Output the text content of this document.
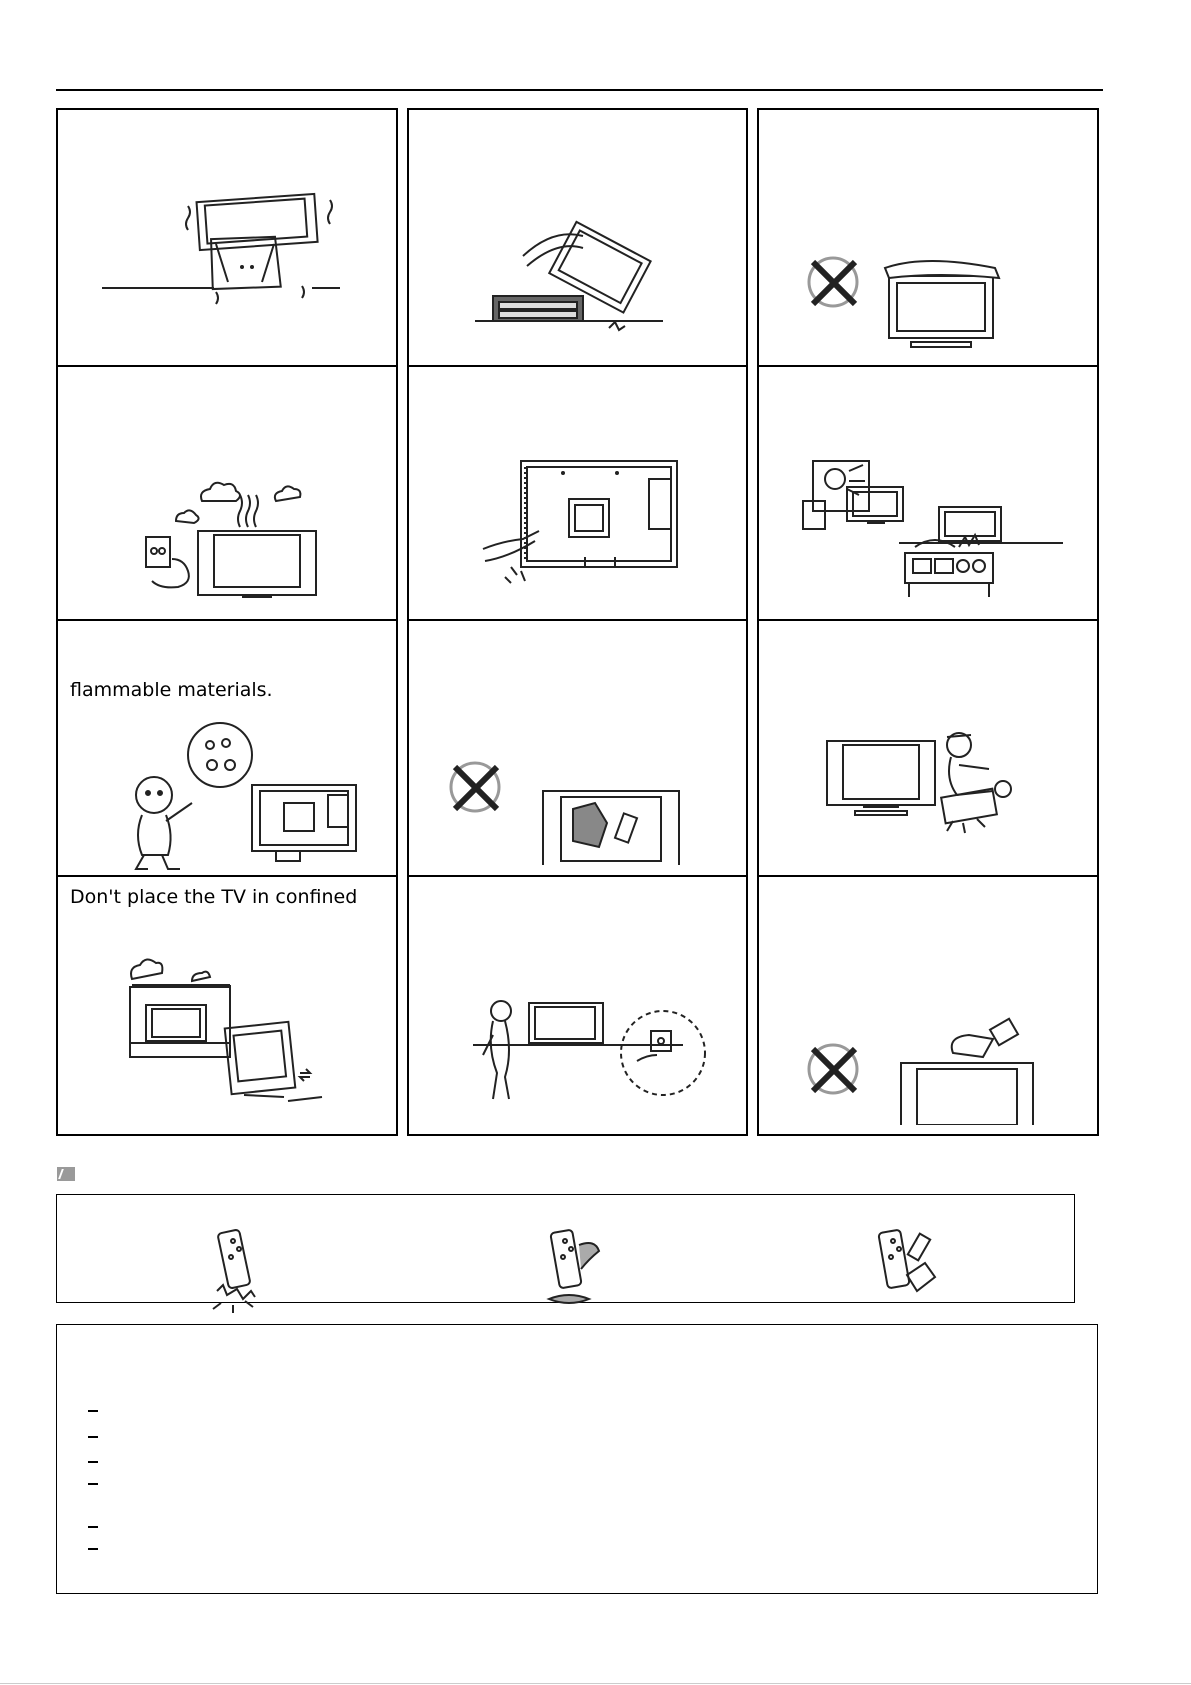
flammable materials.
Don't place the TV in confined
